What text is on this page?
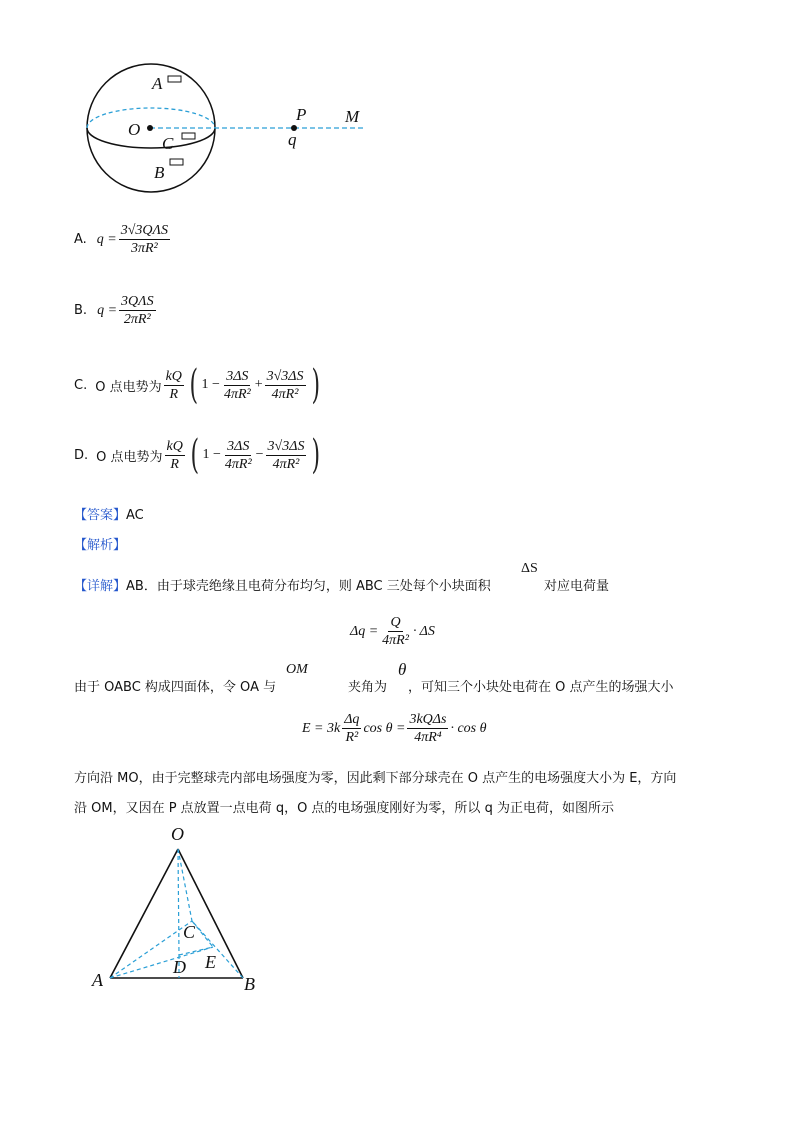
A
O
C
B
P M
q
A. $q = \frac{\text{3√3QΛS}}{\text{3πR²}}$
B. $q = \frac{\text{3QΛS}}{\text{2πR²}}$
C. O 点电势为 $\frac{kQ}{R}$ ( $1 - \frac{3\Delta S}{\text{4πR²}} + \frac{3√3\Delta S}{\text{4πR²}}$ )
D. O 点电势为 $\frac{kQ}{R}$ ( $1 - \frac{3\Delta S}{\text{4πR²}} - \frac{3√3\Delta S}{\text{4πR²}}$ )
【答案】AC
【解析】
【详解】AB．由于球壳绝缘且电荷分布均匀，则 ABC 三处每个小块面积
ΔS
对应电荷量
$\Delta q = \frac{Q}{\text{4πR²}} \cdot \Delta S$
由于 OABC 构成四面体，令 OA 与
OM
夹角为
θ
，可知三个小块处电荷在 O 点产生的场强大小
$E = 3k \frac{\Delta q}{\text{R²}}$ $\cos \theta = \frac{\text{3kQΔs}}{\text{4πR⁴}} \cdot \cos \theta$
方向沿 MO，由于完整球壳内部电场强度为零，因此剩下部分球壳在 O 点产生的电场强度大小为 E，方向
沿 OM，又因在 P 点放置一点电荷 q，O 点的电场强度刚好为零，所以 q 为正电荷，如图所示
O
A	B
C
D E
